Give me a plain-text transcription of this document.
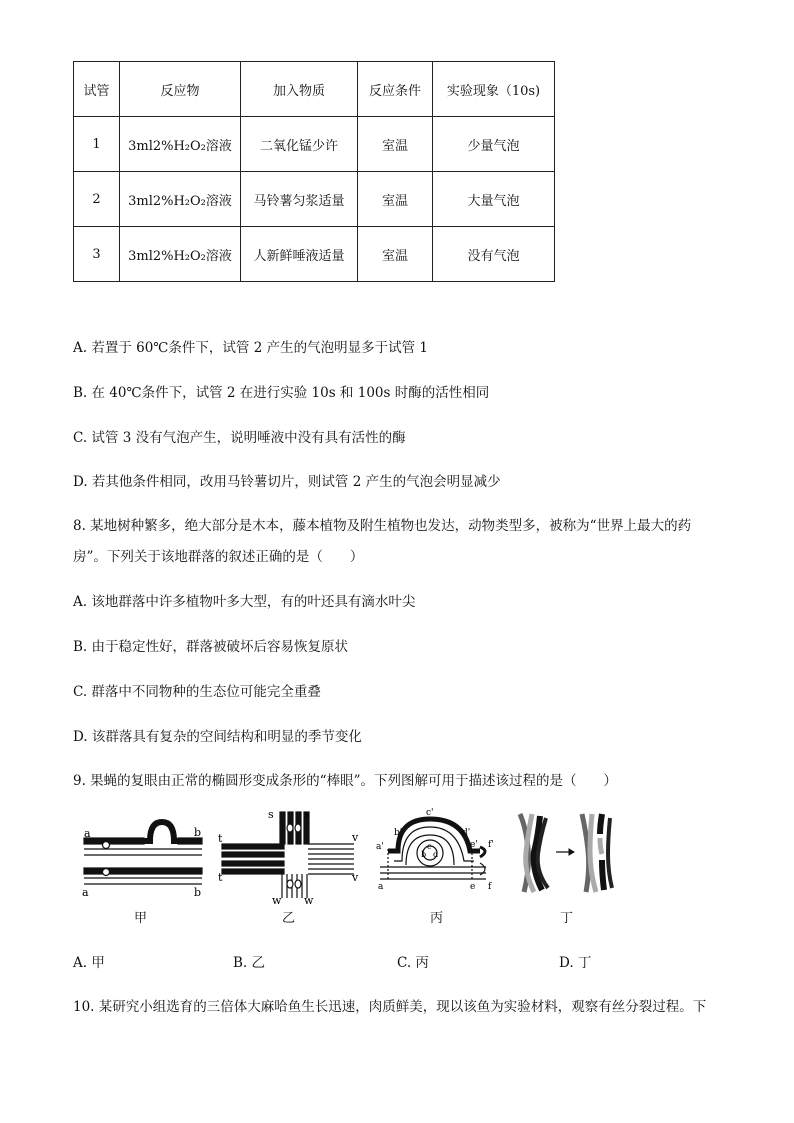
试管	反应物	加入物质	反应条件	实验现象（10s)
1	3ml2%H₂O₂溶液	二氧化锰少许	室温	少量气泡
2	3ml2%H₂O₂溶液	马铃薯匀浆适量	室温	大量气泡
3	3ml2%H₂O₂溶液	人新鲜唾液适量	室温	没有气泡
A. 若置于 60℃条件下，试管 2 产生的气泡明显多于试管 1
B. 在 40℃条件下，试管 2 在进行实验 10s 和 100s 时酶的活性相同
C. 试管 3 没有气泡产生，说明唾液中没有具有活性的酶
D. 若其他条件相同，改用马铃薯切片，则试管 2 产生的气泡会明显减少
8. 某地树种繁多，绝大部分是木本，藤本植物及附生植物也发达，动物类型多，被称为“世界上最大的药
房”。下列关于该地群落的叙述正确的是（　　）
A. 该地群落中许多植物叶多大型，有的叶还具有滴水叶尖
B. 由于稳定性好，群落被破坏后容易恢复原状
C. 群落中不同物种的生态位可能完全重叠
D. 该群落具有复杂的空间结构和明显的季节变化
9. 果蝇的复眼由正常的椭圆形变成条形的“棒眼”。下列图解可用于描述该过程的是（　　）
a	b
a	b
s	s
t
t
v
v
w w
c'
b'	d'
a'	e' f'
a	e f
c
b d
甲	乙	丙	丁
A. 甲	B. 乙	C. 丙	D. 丁
10. 某研究小组选育的三倍体大麻哈鱼生长迅速，肉质鲜美，现以该鱼为实验材料，观察有丝分裂过程。下
